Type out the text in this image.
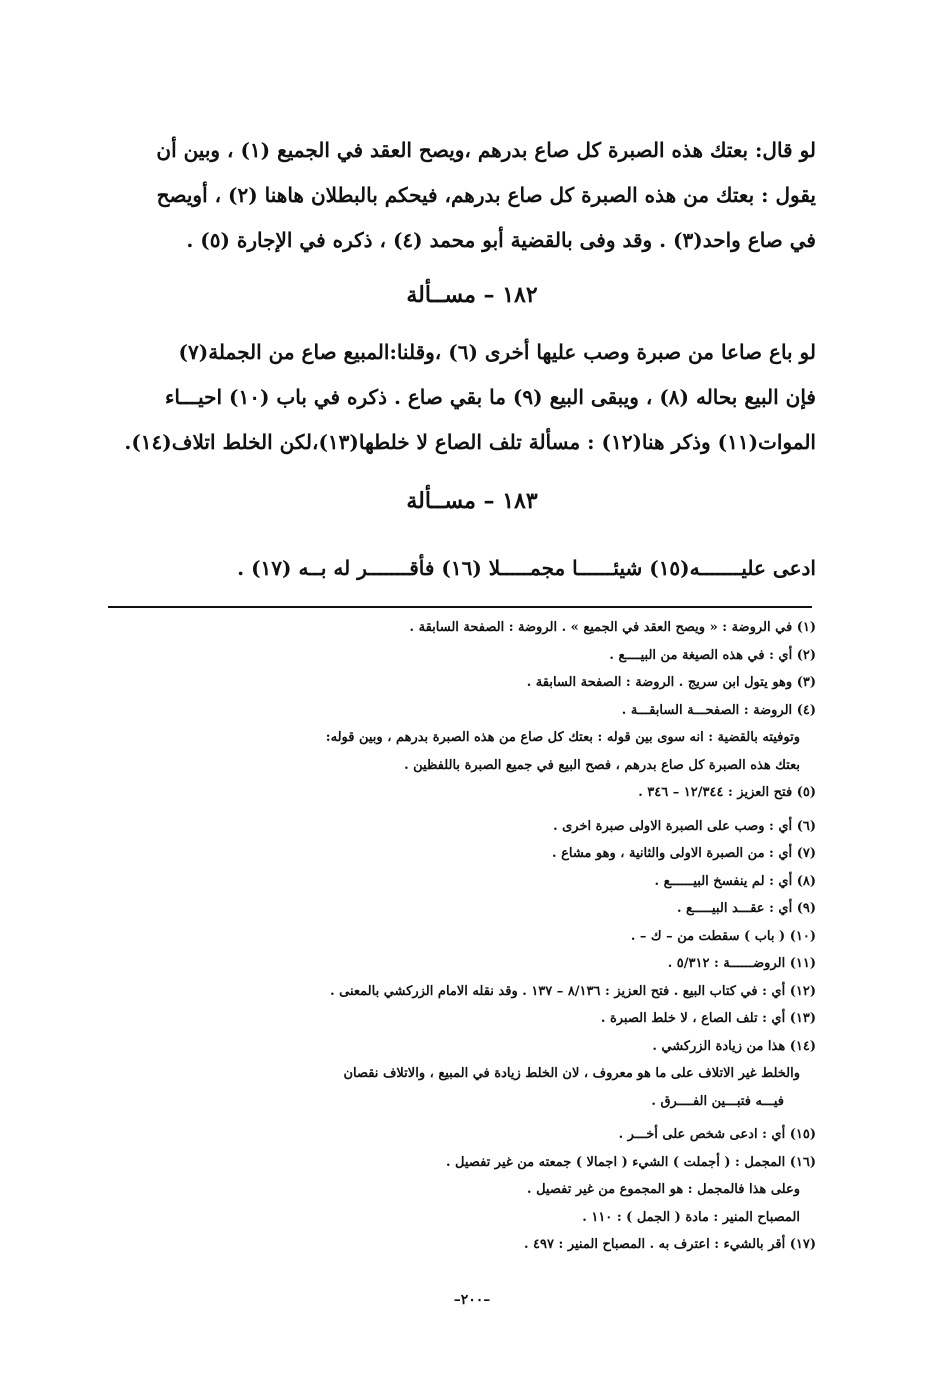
لو قال: بعتك هذه الصبرة كل صاع بدرهم ،ويصح العقد في الجميع (١) ، وبين أن
يقول : بعتك من هذه الصبرة كل صاع بدرهم، فيحكم بالبطلان هاهنا (٢) ، أويصح
في صاع واحد(٣) . وقد وفى بالقضية أبو محمد (٤) ، ذكره في الإجارة (٥) .
١٨٢ – مســألة
لو باع صاعا من صبرة وصب عليها أخرى (٦) ،وقلنا:المبيع صاع من الجملة(٧)
فإن البيع بحاله (٨) ، ويبقى البيع (٩) ما بقي صاع . ذكره في باب (١٠) احيـــاء
الموات(١١) وذكر هنا(١٢) : مسألة تلف الصاع لا خلطها(١٣)،لكن الخلط اتلاف(١٤).
١٨٣ – مســألة
ادعى عليـــــــه(١٥) شيئــــــا مجمـــــلا (١٦) فأقـــــــر له بــه (١٧) .
(١) في الروضة : « ويصح العقد في الجميع » . الروضة : الصفحة السابقة .
(٢) أي : في هذه الصيغة من البيــــع .
(٣) وهو يتول ابن سريج . الروضة : الصفحة السابقة .
(٤) الروضة : الصفحـــة السابقـــة .
وتوفيته بالقضية : انه سوى بين قوله : بعتك كل صاع من هذه الصبرة بدرهم ، وبين قوله:
بعتك هذه الصبرة كل صاع بدرهم ، فصح البيع في جميع الصبرة باللفظين .
(٥) فتح العزيز : ١٢/٣٤٤ – ٣٤٦ .
(٦) أي : وصب على الصبرة الاولى صبرة اخرى .
(٧) أي : من الصبرة الاولى والثانية ، وهو مشاع .
(٨) أي : لم ينفسخ البيــــــع .
(٩) أي : عقـــد البيـــــع .
(١٠) ( باب ) سقطت من – ك – .
(١١) الروضــــــة : ٥/٣١٢ .
(١٢) أي : في كتاب البيع . فتح العزيز : ٨/١٣٦ – ١٣٧ . وقد نقله الامام الزركشي بالمعنى .
(١٣) أي : تلف الصاع ، لا خلط الصبرة .
(١٤) هذا من زيادة الزركشي .
والخلط غير الاتلاف على ما هو معروف ، لان الخلط زيادة في المبيع ، والاتلاف نقصان
فيـــه فتبـــين الفــــرق .
(١٥) أي : ادعى شخص على أخـــر .
(١٦) المجمل : ( أجملت ) الشيء ( اجمالا ) جمعته من غير تفصيل .
وعلى هذا فالمجمل : هو المجموع من غير تفصيل .
المصباح المنير : مادة ( الجمل ) : ١١٠ .
(١٧) أقر بالشيء : اعترف به . المصباح المنير : ٤٩٧ .
–٢٠٠–
